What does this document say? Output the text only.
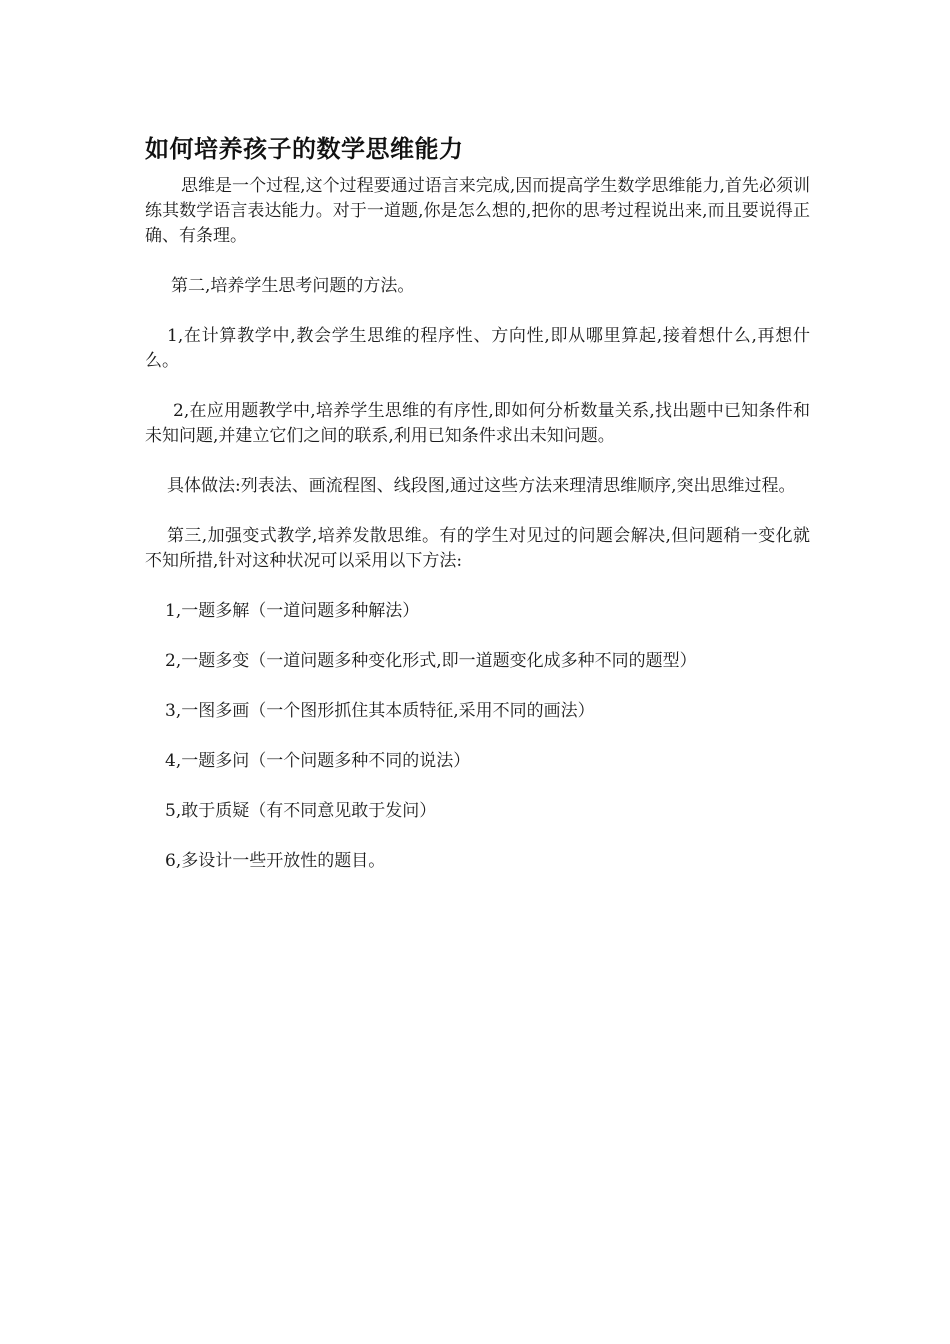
如何培养孩子的数学思维能力

思维是一个过程,这个过程要通过语言来完成,因而提高学生数学思维能力,首先必须训练其数学语言表达能力。对于一道题,你是怎么想的,把你的思考过程说出来,而且要说得正确、有条理。

第二,培养学生思考问题的方法。

1,在计算教学中,教会学生思维的程序性、方向性,即从哪里算起,接着想什么,再想什么。

2,在应用题教学中,培养学生思维的有序性,即如何分析数量关系,找出题中已知条件和未知问题,并建立它们之间的联系,利用已知条件求出未知问题。

具体做法:列表法、画流程图、线段图,通过这些方法来理清思维顺序,突出思维过程。

第三,加强变式教学,培养发散思维。有的学生对见过的问题会解决,但问题稍一变化就不知所措,针对这种状况可以采用以下方法:

1,一题多解（一道问题多种解法）

2,一题多变（一道问题多种变化形式,即一道题变化成多种不同的题型）

3,一图多画（一个图形抓住其本质特征,采用不同的画法）

4,一题多问（一个问题多种不同的说法）

5,敢于质疑（有不同意见敢于发问）

6,多设计一些开放性的题目。
